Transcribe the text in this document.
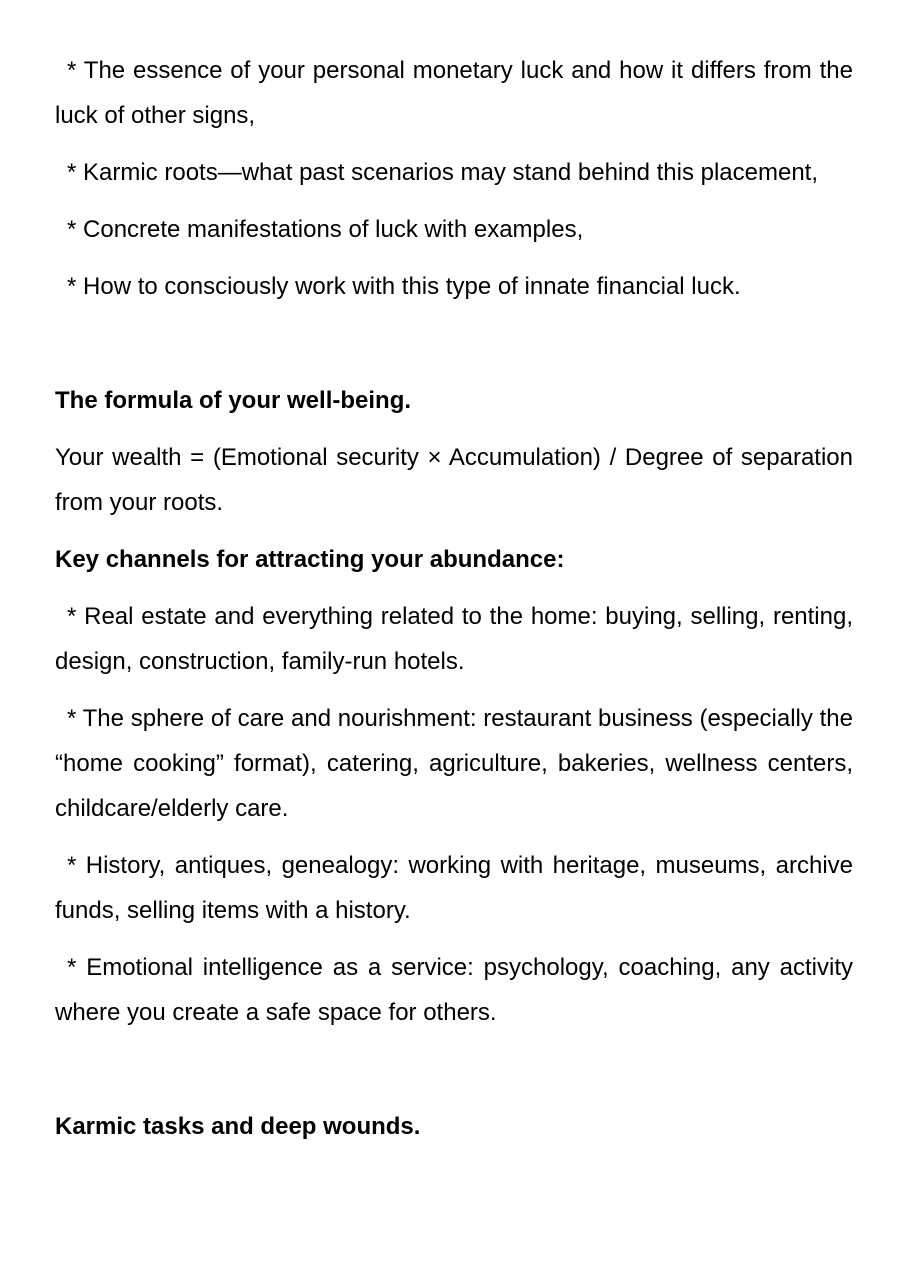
* The essence of your personal monetary luck and how it differs from the luck of other signs,

* Karmic roots—what past scenarios may stand behind this placement,

* Concrete manifestations of luck with examples,

* How to consciously work with this type of innate financial luck.

The formula of your well-being.

Your wealth = (Emotional security × Accumulation) / Degree of separation from your roots.

Key channels for attracting your abundance:

* Real estate and everything related to the home: buying, selling, renting, design, construction, family-run hotels.

* The sphere of care and nourishment: restaurant business (especially the “home cooking” format), catering, agriculture, bakeries, wellness centers, childcare/elderly care.

* History, antiques, genealogy: working with heritage, museums, archive funds, selling items with a history.

* Emotional intelligence as a service: psychology, coaching, any activity where you create a safe space for others.

Karmic tasks and deep wounds.
